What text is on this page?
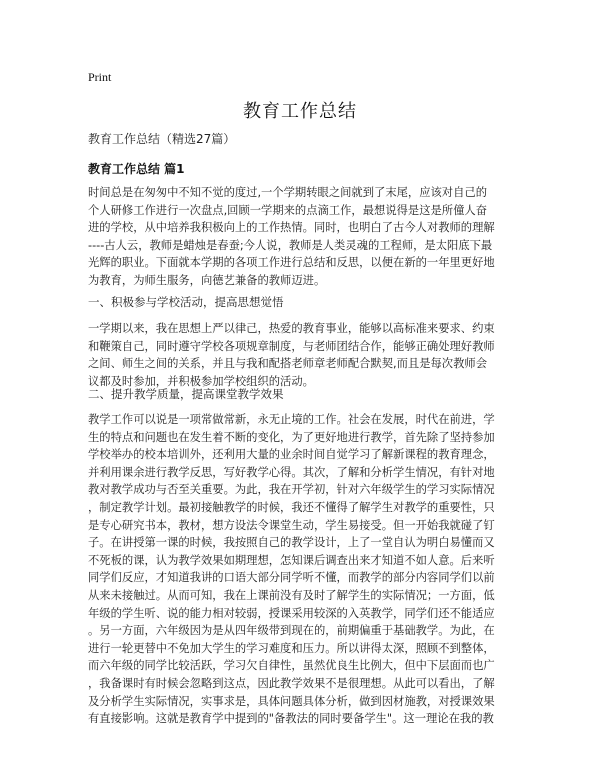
Print
教育工作总结
教育工作总结（精选27篇）
教育工作总结 篇1
时间总是在匆匆中不知不觉的度过,一个学期转眼之间就到了末尾，应该对自己的
个人研修工作进行一次盘点,回顾一学期来的点滴工作，最想说得是这是所僮人奋
进的学校，从中培养我积极向上的工作热情。同时，也明白了古今人对教师的理解
----古人云，教师是蜡烛是春蚕;今人说，教师是人类灵魂的工程师，是太阳底下最
光辉的职业。下面就本学期的各项工作进行总结和反思，以便在新的一年里更好地
为教育，为师生服务，向德艺兼备的教师迈进。
一、积极参与学校活动，提高思想觉悟
一学期以来，我在思想上严以律己，热爱的教育事业，能够以高标准来要求、约束
和鞭策自己，同时遵守学校各项规章制度，与老师团结合作，能够正确处理好教师
之间、师生之间的关系，并且与我和配搭老师章老师配合默契,而且是每次教师会
议都及时参加，并积极参加学校组织的活动。
二、提升教学质量，提高课堂教学效果
教学工作可以说是一项常做常新，永无止境的工作。社会在发展，时代在前进，学
生的特点和问题也在发生着不断的变化，为了更好地进行教学，首先除了坚持参加
学校举办的校本培训外，还利用大量的业余时间自觉学习了解新课程的教育理念，
并利用课余进行教学反思，写好教学心得。其次，了解和分析学生情况，有针对地
教对教学成功与否至关重要。为此，我在开学初，针对六年级学生的学习实际情况
，制定教学计划。最初接触教学的时候，我还不懂得了解学生对教学的重要性，只
是专心研究书本，教材，想方设法令课堂生动，学生易接受。但一开始我就碰了钉
子。在讲授第一课的时候，我按照自己的教学设计，上了一堂自认为明白易懂而又
不死板的课，认为教学效果如期理想，怎知课后调查出来才知道不如人意。后来听
同学们反应，才知道我讲的口语大部分同学听不懂，而教学的部分内容同学们以前
从来未接触过。从而可知，我在上课前没有及时了解学生的实际情况；一方面，低
年级的学生听、说的能力相对较弱，授课采用较深的入英教学，同学们还不能适应
。另一方面，六年级因为是从四年级带到现在的，前期偏重于基础教学。为此，在
进行一轮更替中不免加大学生的学习难度和压力。所以讲得太深，照顾不到整体，
而六年级的同学比较活跃，学习欠自律性，虽然优良生比例大，但中下层面而也广
，我备课时有时候会忽略到这点，因此教学效果不是很理想。从此可以看出，了解
及分析学生实际情况，实事求是，具体问题具体分析，做到因材施教，对授课效果
有直接影响。这就是教育学中提到的"备教法的同时要备学生"。这一理论在我的教
